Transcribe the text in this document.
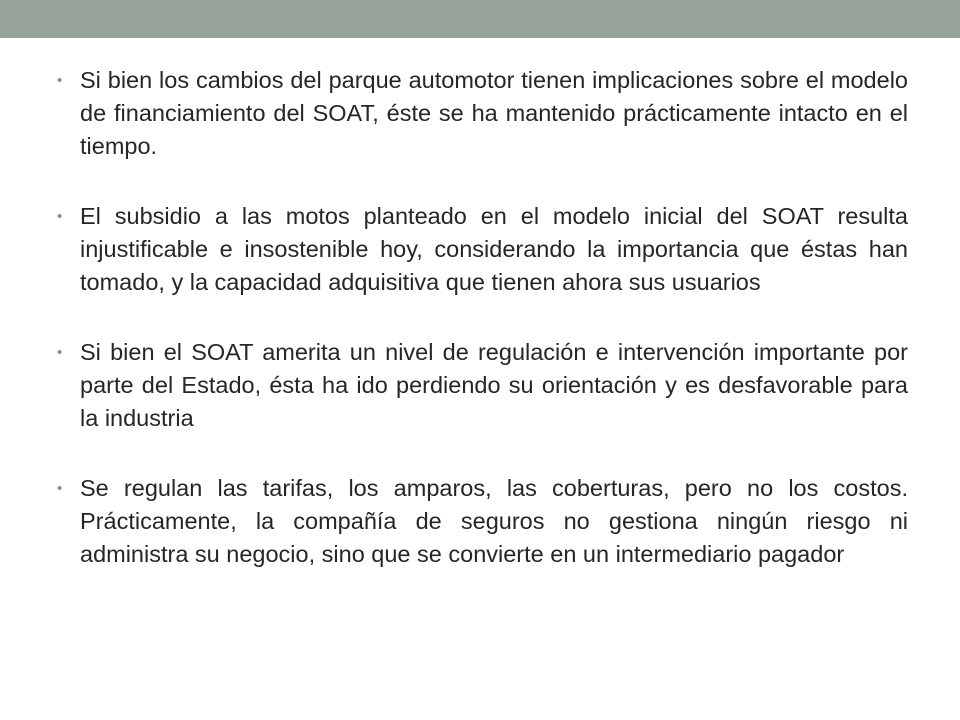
• Si bien los cambios del parque automotor tienen implicaciones sobre el modelo de financiamiento del SOAT, éste se ha mantenido prácticamente intacto en el tiempo.
• El subsidio a las motos planteado en el modelo inicial del SOAT resulta injustificable e insostenible hoy, considerando la importancia que éstas han tomado, y la capacidad adquisitiva que tienen ahora sus usuarios
• Si bien el SOAT amerita un nivel de regulación e intervención importante por parte del Estado, ésta ha ido perdiendo su orientación y es desfavorable para la industria
• Se regulan las tarifas, los amparos, las coberturas, pero no los costos. Prácticamente, la compañía de seguros no gestiona ningún riesgo ni administra su negocio, sino que se convierte en un intermediario pagador
